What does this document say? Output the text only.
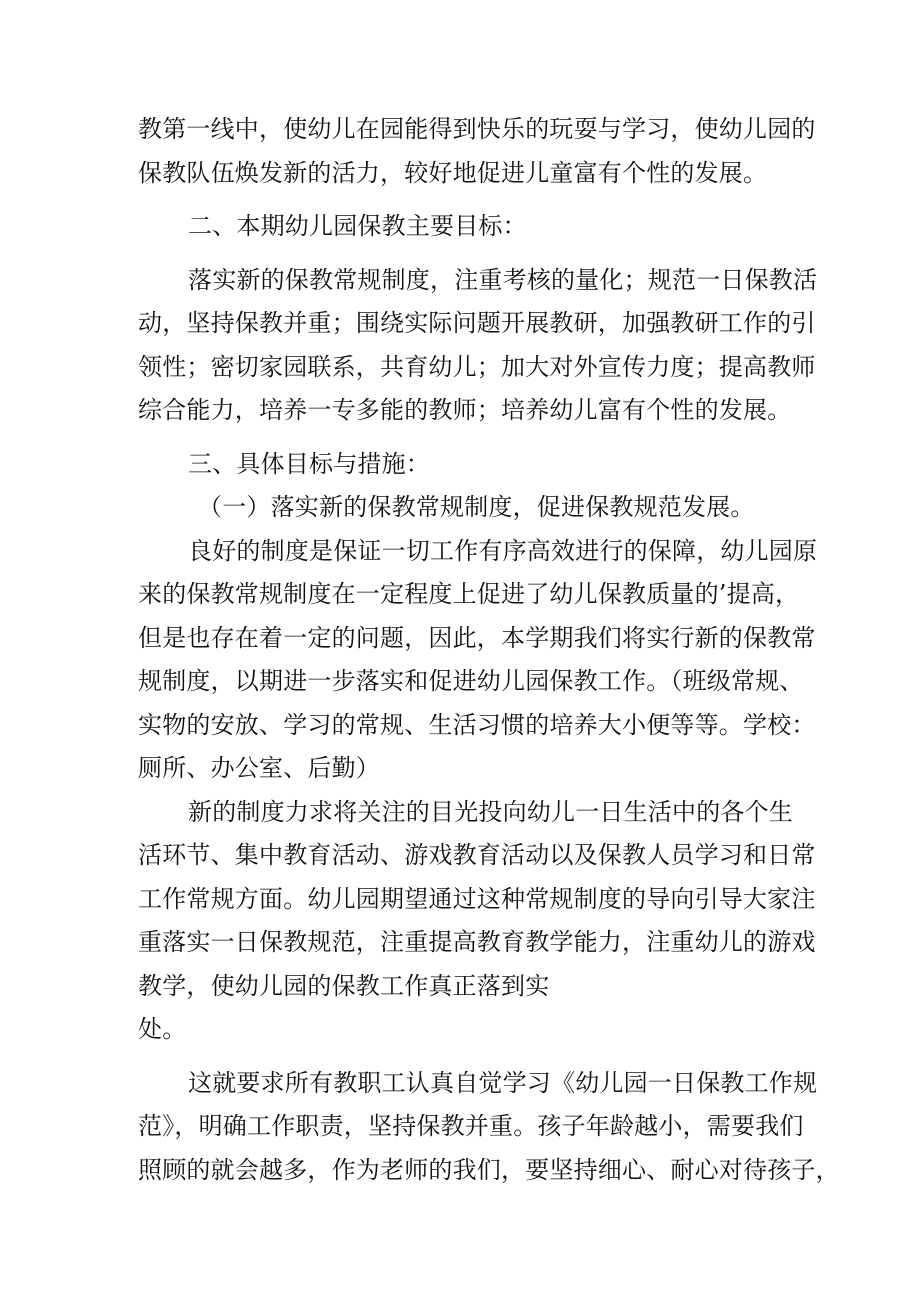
教第一线中，使幼儿在园能得到快乐的玩耍与学习，使幼儿园的
保教队伍焕发新的活力，较好地促进儿童富有个性的发展。
二、本期幼儿园保教主要目标：
落实新的保教常规制度，注重考核的量化；规范一日保教活
动，坚持保教并重；围绕实际问题开展教研，加强教研工作的引
领性；密切家园联系，共育幼儿；加大对外宣传力度；提高教师
综合能力，培养一专多能的教师；培养幼儿富有个性的发展。
三、具体目标与措施：
（一）落实新的保教常规制度，促进保教规范发展。
良好的制度是保证一切工作有序高效进行的保障，幼儿园原
来的保教常规制度在一定程度上促进了幼儿保教质量的’提高，
但是也存在着一定的问题，因此，本学期我们将实行新的保教常
规制度，以期进一步落实和促进幼儿园保教工作。（班级常规、
实物的安放、学习的常规、生活习惯的培养大小便等等。学校：
厕所、办公室、后勤）
新的制度力求将关注的目光投向幼儿一日生活中的各个生
活环节、集中教育活动、游戏教育活动以及保教人员学习和日常
工作常规方面。幼儿园期望通过这种常规制度的导向引导大家注
重落实一日保教规范，注重提高教育教学能力，注重幼儿的游戏
教学，使幼儿园的保教工作真正落到实
处。
这就要求所有教职工认真自觉学习《幼儿园一日保教工作规
范》，明确工作职责，坚持保教并重。孩子年龄越小，需要我们
照顾的就会越多，作为老师的我们，要坚持细心、耐心对待孩子，
